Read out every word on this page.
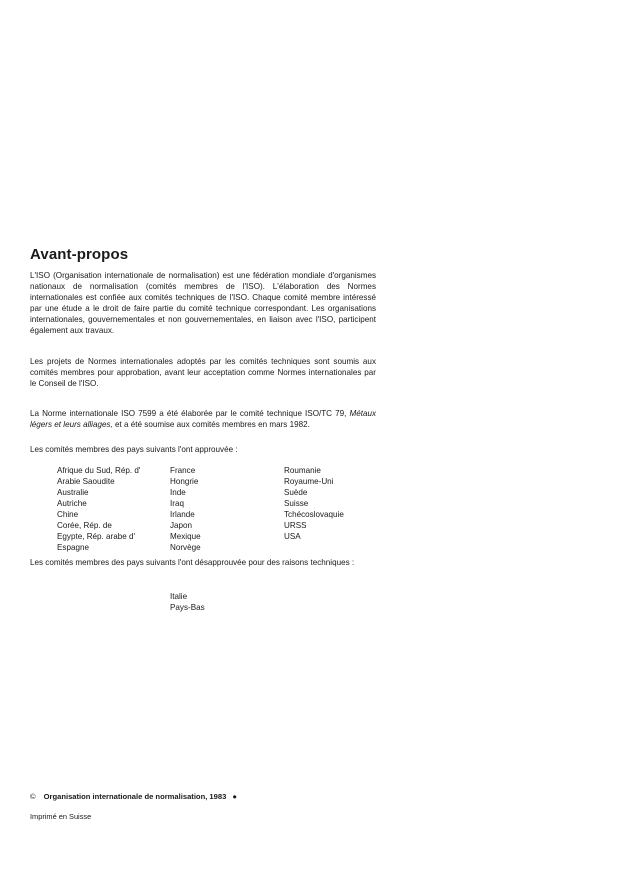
Avant-propos

L'ISO (Organisation internationale de normalisation) est une fédération mondiale d'organismes nationaux de normalisation (comités membres de l'ISO). L'élaboration des Normes internationales est confiée aux comités techniques de l'ISO. Chaque comité membre intéressé par une étude a le droit de faire partie du comité technique correspondant. Les organisations internationales, gouvernementales et non gouvernementales, en liaison avec l'ISO, participent également aux travaux.

Les projets de Normes internationales adoptés par les comités techniques sont soumis aux comités membres pour approbation, avant leur acceptation comme Normes internationales par le Conseil de l'ISO.

La Norme internationale ISO 7599 a été élaborée par le comité technique ISO/TC 79, Métaux légers et leurs alliages, et a été soumise aux comités membres en mars 1982.

Les comités membres des pays suivants l'ont approuvée :

Afrique du Sud, Rép. d'
Arabie Saoudite
Australie
Autriche
Chine
Corée, Rép. de
Egypte, Rép. arabe d'
Espagne
France
Hongrie
Inde
Iraq
Irlande
Japon
Mexique
Norvège
Roumanie
Royaume-Uni
Suède
Suisse
Tchécoslovaquie
URSS
USA

Les comités membres des pays suivants l'ont désapprouvée pour des raisons techniques :

Italie
Pays-Bas
© Organisation internationale de normalisation, 1983 ●
Imprimé en Suisse
